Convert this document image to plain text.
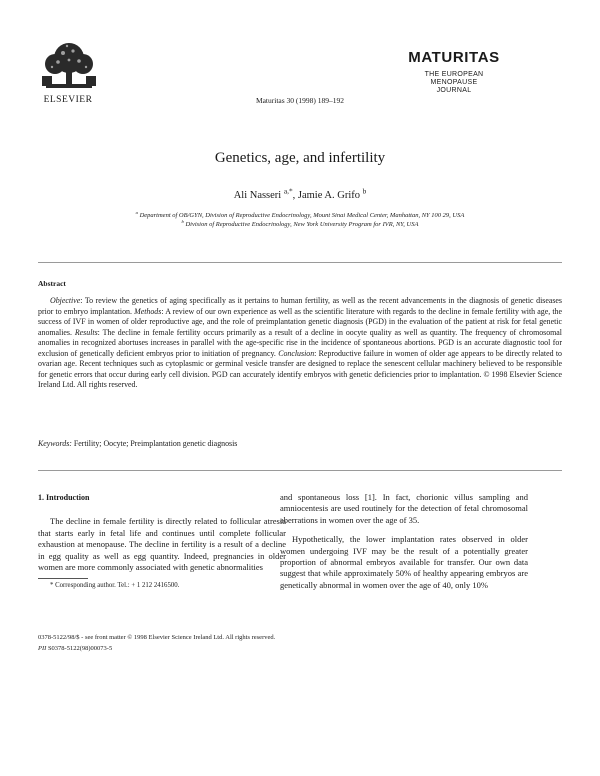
ELSEVIER	Maturitas 30 (1998) 189–192
MATURITAS
THE EUROPEAN
MENOPAUSE
JOURNAL
Genetics, age, and infertility
Ali Nasseri $^{a,*}$, Jamie A. Grifo $^b$
$^a$ Department of OB/GYN, Division of Reproductive Endocrinology, Mount Sinai Medical Center, Manhattan, NY 100 29, USA
$^b$ Division of Reproductive Endocrinology, New York University Program for IVR, NY, USA
Abstract
Objective: To review the genetics of aging specifically as it pertains to human fertility, as well as the recent advancements in the diagnosis of genetic diseases prior to embryo implantation. Methods: A review of our own experience as well as the scientific literature with regards to the decline in female fertility with age, the success of IVF in women of older reproductive age, and the role of preimplantation genetic diagnosis (PGD) in the evaluation of the patient at risk for fetal genetic anomalies. Results: The decline in female fertility occurs primarily as a result of a decline in oocyte quality as well as quantity. The frequency of chromosomal anomalies in recognized abortuses increases in parallel with the age-specific rise in the incidence of spontaneous abortions. PGD is an accurate diagnostic tool for exclusion of genetically deficient embryos prior to initiation of pregnancy. Conclusion: Reproductive failure in women of older age appears to be directly related to ovarian age. Recent techniques such as cytoplasmic or germinal vesicle transfer are designed to replace the senescent cellular machinery believed to be responsible for genetic errors that occur during early cell division. PGD can accurately identify embryos with genetic deficiencies prior to implantation. © 1998 Elsevier Science Ireland Ltd. All rights reserved.
Keywords: Fertility; Oocyte; Preimplantation genetic diagnosis
1. Introduction

The decline in female fertility is directly related to follicular atresia that starts early in fetal life and continues until complete follicular exhaustion at menopause. The decline in fertility is a result of a decline in egg quality as well as egg quantity. Indeed, pregnancies in older women are more commonly associated with genetic abnormalities

and spontaneous loss [1]. In fact, chorionic villus sampling and amniocentesis are used routinely for the detection of fetal chromosomal aberrations in women over the age of 35.

Hypothetically, the lower implantation rates observed in older women undergoing IVF may be the result of a potentially greater proportion of abnormal embryos available for transfer. Our own data suggest that while approximately 50% of healthy appearing embryos are genetically abnormal in women over the age of 40, only 10%

* Corresponding author. Tel.: + 1 212 2416500.
0378-5122/98/$ - see front matter © 1998 Elsevier Science Ireland Ltd. All rights reserved.
PII S0378-5122(98)00073-5
